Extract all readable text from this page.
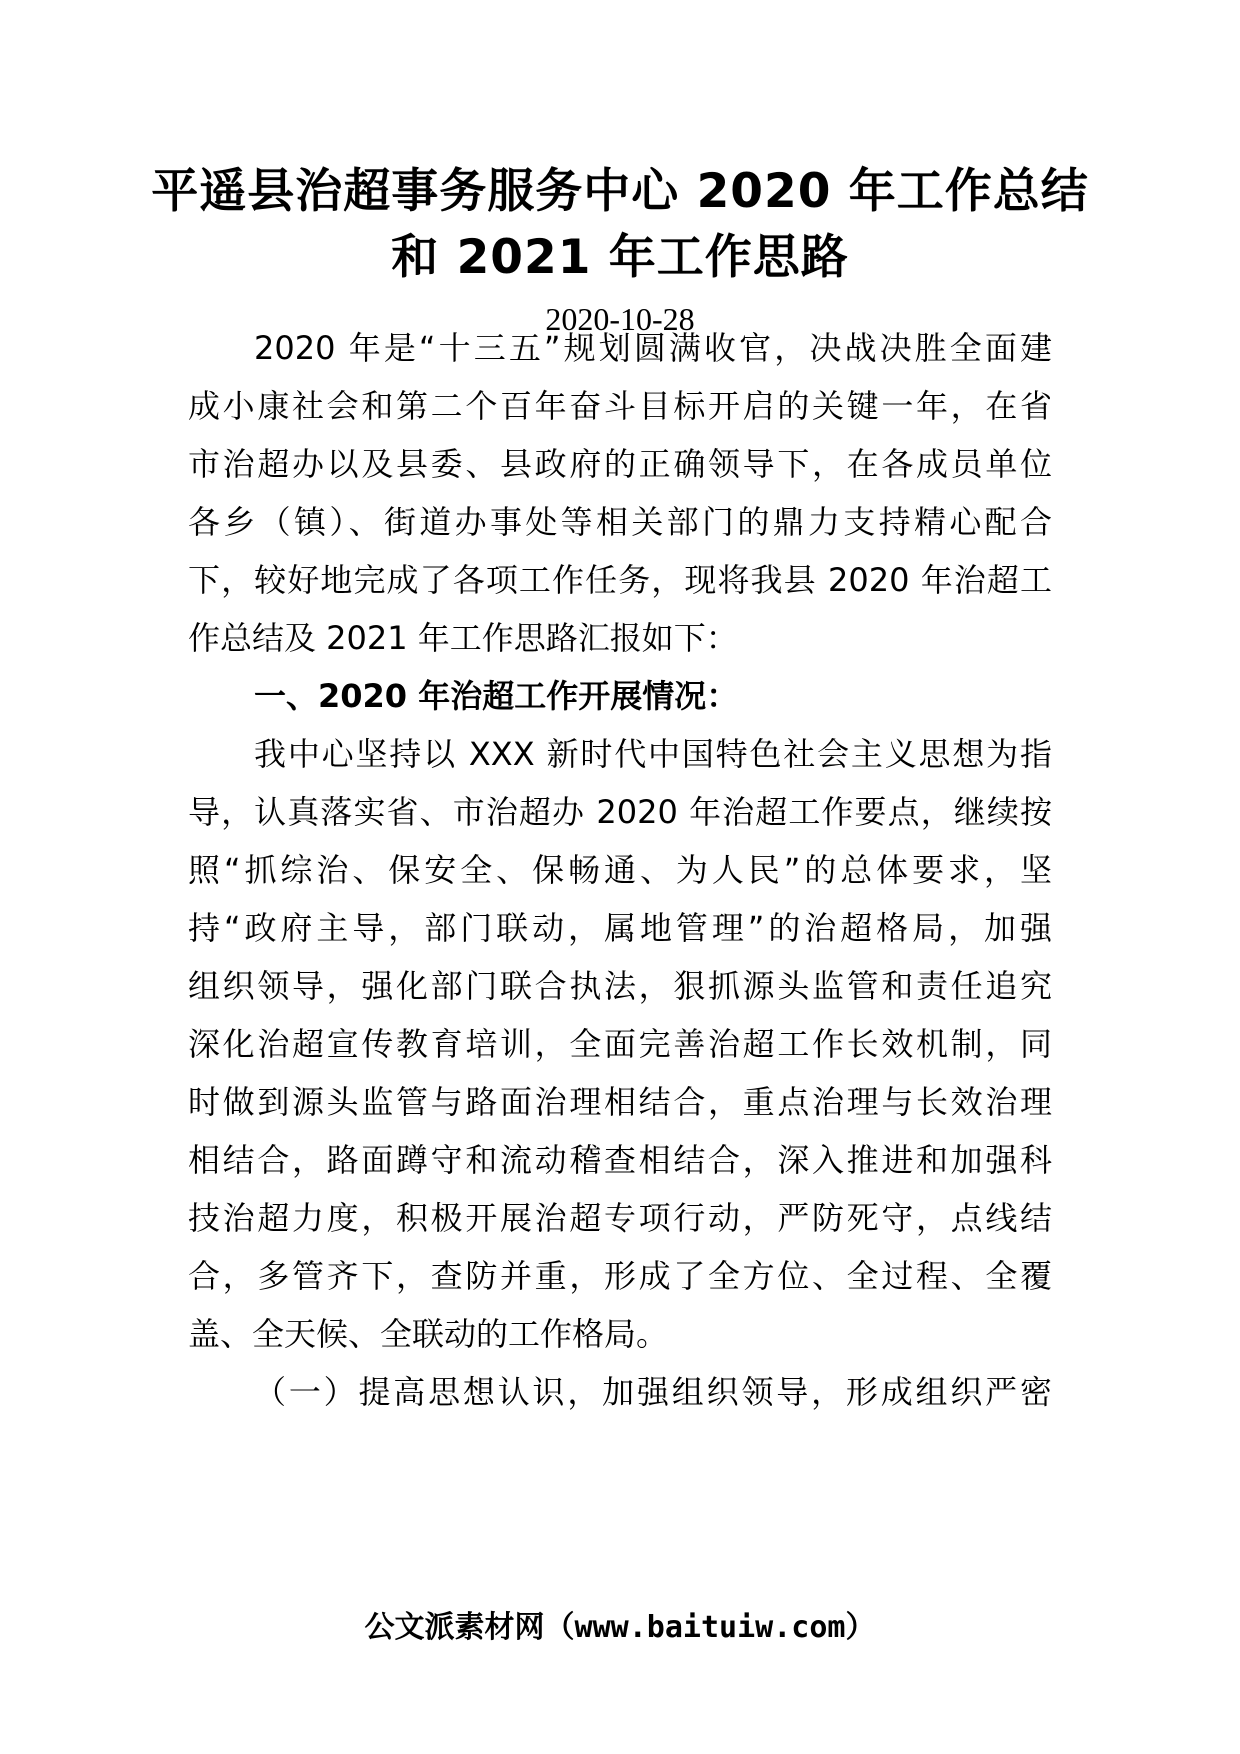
平遥县治超事务服务中心 2020 年工作总结
和 2021 年工作思路
2020-10-28
2020 年是“十三五”规划圆满收官，决战决胜全面建
成小康社会和第二个百年奋斗目标开启的关键一年，在省
市治超办以及县委、县政府的正确领导下，在各成员单位
各乡（镇）、街道办事处等相关部门的鼎力支持精心配合
下，较好地完成了各项工作任务，现将我县 2020 年治超工
作总结及 2021 年工作思路汇报如下：
一、2020 年治超工作开展情况：
我中心坚持以 XXX 新时代中国特色社会主义思想为指
导，认真落实省、市治超办 2020 年治超工作要点，继续按
照“抓综治、保安全、保畅通、为人民”的总体要求，坚
持“政府主导，部门联动，属地管理”的治超格局，加强
组织领导，强化部门联合执法，狠抓源头监管和责任追究
深化治超宣传教育培训，全面完善治超工作长效机制，同
时做到源头监管与路面治理相结合，重点治理与长效治理
相结合，路面蹲守和流动稽查相结合，深入推进和加强科
技治超力度，积极开展治超专项行动，严防死守，点线结
合，多管齐下，查防并重，形成了全方位、全过程、全覆
盖、全天候、全联动的工作格局。
（一）提高思想认识，加强组织领导，形成组织严密
公文派素材网（www.baituiw.com）
